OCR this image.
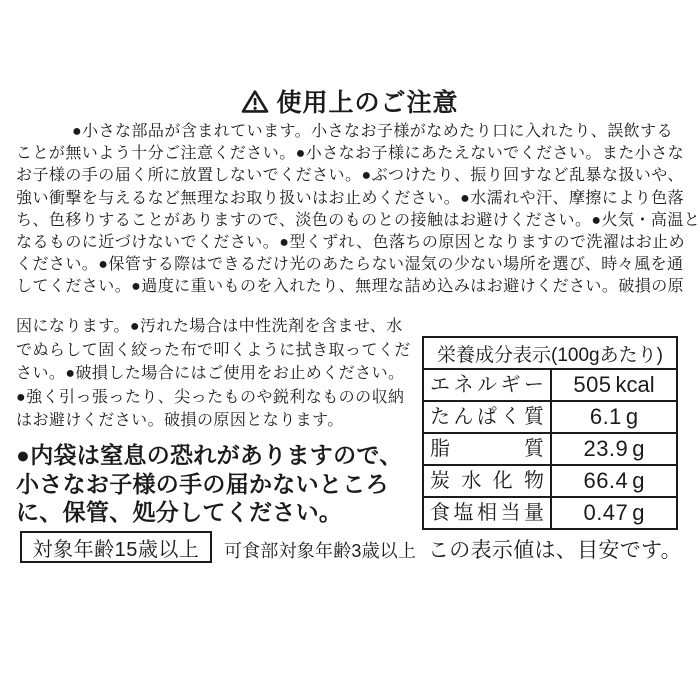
使用上のご注意
●小さな部品が含まれています。小さなお子様がなめたり口に入れたり、誤飲する
ことが無いよう十分ご注意ください。●小さなお子様にあたえないでください。また小さな
お子様の手の届く所に放置しないでください。●ぶつけたり、振り回すなど乱暴な扱いや、
強い衝撃を与えるなど無理なお取り扱いはお止めください。●水濡れや汗、摩擦により色落
ち、色移りすることがありますので、淡色のものとの接触はお避けください。●火気・高温と
なるものに近づけないでください。●型くずれ、色落ちの原因となりますので洗濯はお止め
ください。●保管する際はできるだけ光のあたらない湿気の少ない場所を選び、時々風を通
してください。●過度に重いものを入れたり、無理な詰め込みはお避けください。破損の原
因になります。●汚れた場合は中性洗剤を含ませ、水
でぬらして固く絞った布で叩くように拭き取ってくだ
さい。●破損した場合にはご使用をお止めください。
●強く引っ張ったり、尖ったものや鋭利なものの収納
はお避けください。破損の原因となります。
●内袋は窒息の恐れがありますので、
小さなお子様の手の届かないところ
に、保管、処分してください。
対象年齢15歳以上 可食部対象年齢3歳以上
栄養成分表示(100gあたり)
エネルギー	505 kcal
たんぱく質	6.1 g
脂質	23.9 g
炭水化物	66.4 g
食塩相当量	0.47 g
この表示値は、目安です。
